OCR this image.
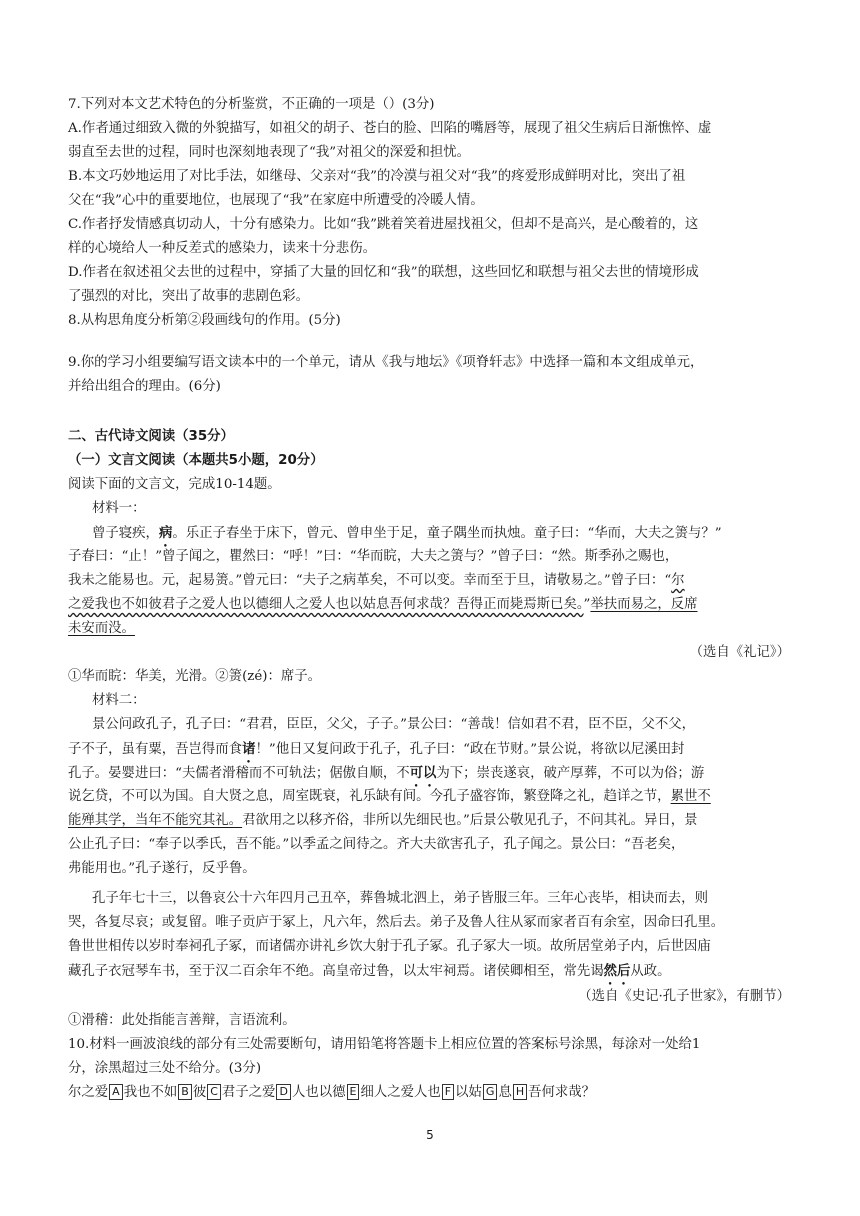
7.下列对本文艺术特色的分析鉴赏，不正确的一项是（）(3分)
A.作者通过细致入微的外貌描写，如祖父的胡子、苍白的脸、凹陷的嘴唇等，展现了祖父生病后日渐憔悴、虚
弱直至去世的过程，同时也深刻地表现了“我”对祖父的深爱和担忧。
B.本文巧妙地运用了对比手法，如继母、父亲对“我”的冷漠与祖父对“我”的疼爱形成鲜明对比，突出了祖
父在“我”心中的重要地位，也展现了“我”在家庭中所遭受的冷暖人情。
C.作者抒发情感真切动人，十分有感染力。比如“我”跳着笑着进屋找祖父，但却不是高兴，是心酸着的，这
样的心境给人一种反差式的感染力，读来十分悲伤。
D.作者在叙述祖父去世的过程中，穿插了大量的回忆和“我”的联想，这些回忆和联想与祖父去世的情境形成
了强烈的对比，突出了故事的悲剧色彩。
8.从构思角度分析第②段画线句的作用。(5分)
9.你的学习小组要编写语文读本中的一个单元，请从《我与地坛》《项脊轩志》中选择一篇和本文组成单元，
并给出组合的理由。(6分)
二、古代诗文阅读（35分）
（一）文言文阅读（本题共5小题，20分）
阅读下面的文言文，完成10-14题。
材料一：
曾子寝疾，病。乐正子春坐于床下，曾元、曾申坐于足，童子隅坐而执烛。童子曰：“华而，大夫之箦与？”
子春曰：“止！”曾子闻之，瞿然曰：“呼！”曰：“华而睆，大夫之箦与？”曾子曰：“然。斯季孙之赐也，
我未之能易也。元，起易箦。”曾元曰：“夫子之病革矣，不可以变。幸而至于旦，请敬易之。”曾子曰：“尔
之爱我也不如彼君子之爱人也以德细人之爱人也以姑息吾何求哉？吾得正而毙焉斯已矣。”举扶而易之，反席
未安而没。
（选自《礼记》）
①华而睆：华美，光滑。②箦(zé)：席子。
材料二：
景公问政孔子，孔子曰：“君君，臣臣，父父，子子。”景公曰：“善哉！信如君不君，臣不臣，父不父，
子不子，虽有粟，吾岂得而食诸！”他日又复问政于孔子，孔子曰：“政在节财。”景公说，将欲以尼溪田封
孔子。晏婴进曰：“夫儒者滑稽而不可轨法；倨傲自顺，不可以为下；崇丧遂哀，破产厚葬，不可以为俗；游
说乞贷，不可以为国。自大贤之息，周室既衰，礼乐缺有间。今孔子盛容饰，繁登降之礼，趋详之节，累世不
能殚其学，当年不能究其礼。君欲用之以移齐俗，非所以先细民也。”后景公敬见孔子，不问其礼。异日，景
公止孔子曰：“奉子以季氏，吾不能。”以季孟之间待之。齐大夫欲害孔子，孔子闻之。景公曰：“吾老矣，
弗能用也。”孔子遂行，反乎鲁。
孔子年七十三，以鲁哀公十六年四月己丑卒，葬鲁城北泗上，弟子皆服三年。三年心丧毕，相诀而去，则
哭，各复尽哀；或复留。唯子贡庐于冢上，凡六年，然后去。弟子及鲁人往从冢而家者百有余室，因命曰孔里。
鲁世世相传以岁时奉祠孔子冢，而诸儒亦讲礼乡饮大射于孔子冢。孔子冢大一顷。故所居堂弟子内，后世因庙
藏孔子衣冠琴车书，至于汉二百余年不绝。高皇帝过鲁，以太牢祠焉。诸侯卿相至，常先谒然后从政。
（选自《史记·孔子世家》，有删节）
①滑稽：此处指能言善辩，言语流利。
10.材料一画波浪线的部分有三处需要断句，请用铅笔将答题卡上相应位置的答案标号涂黑，每涂对一处给1
分，涂黑超过三处不给分。(3分)
尔之爱 A 我也不如 B 彼 C 君子之爱 D 人也以德 E 细人之爱人也 F 以姑 G 息 H 吾何求哉？
5
